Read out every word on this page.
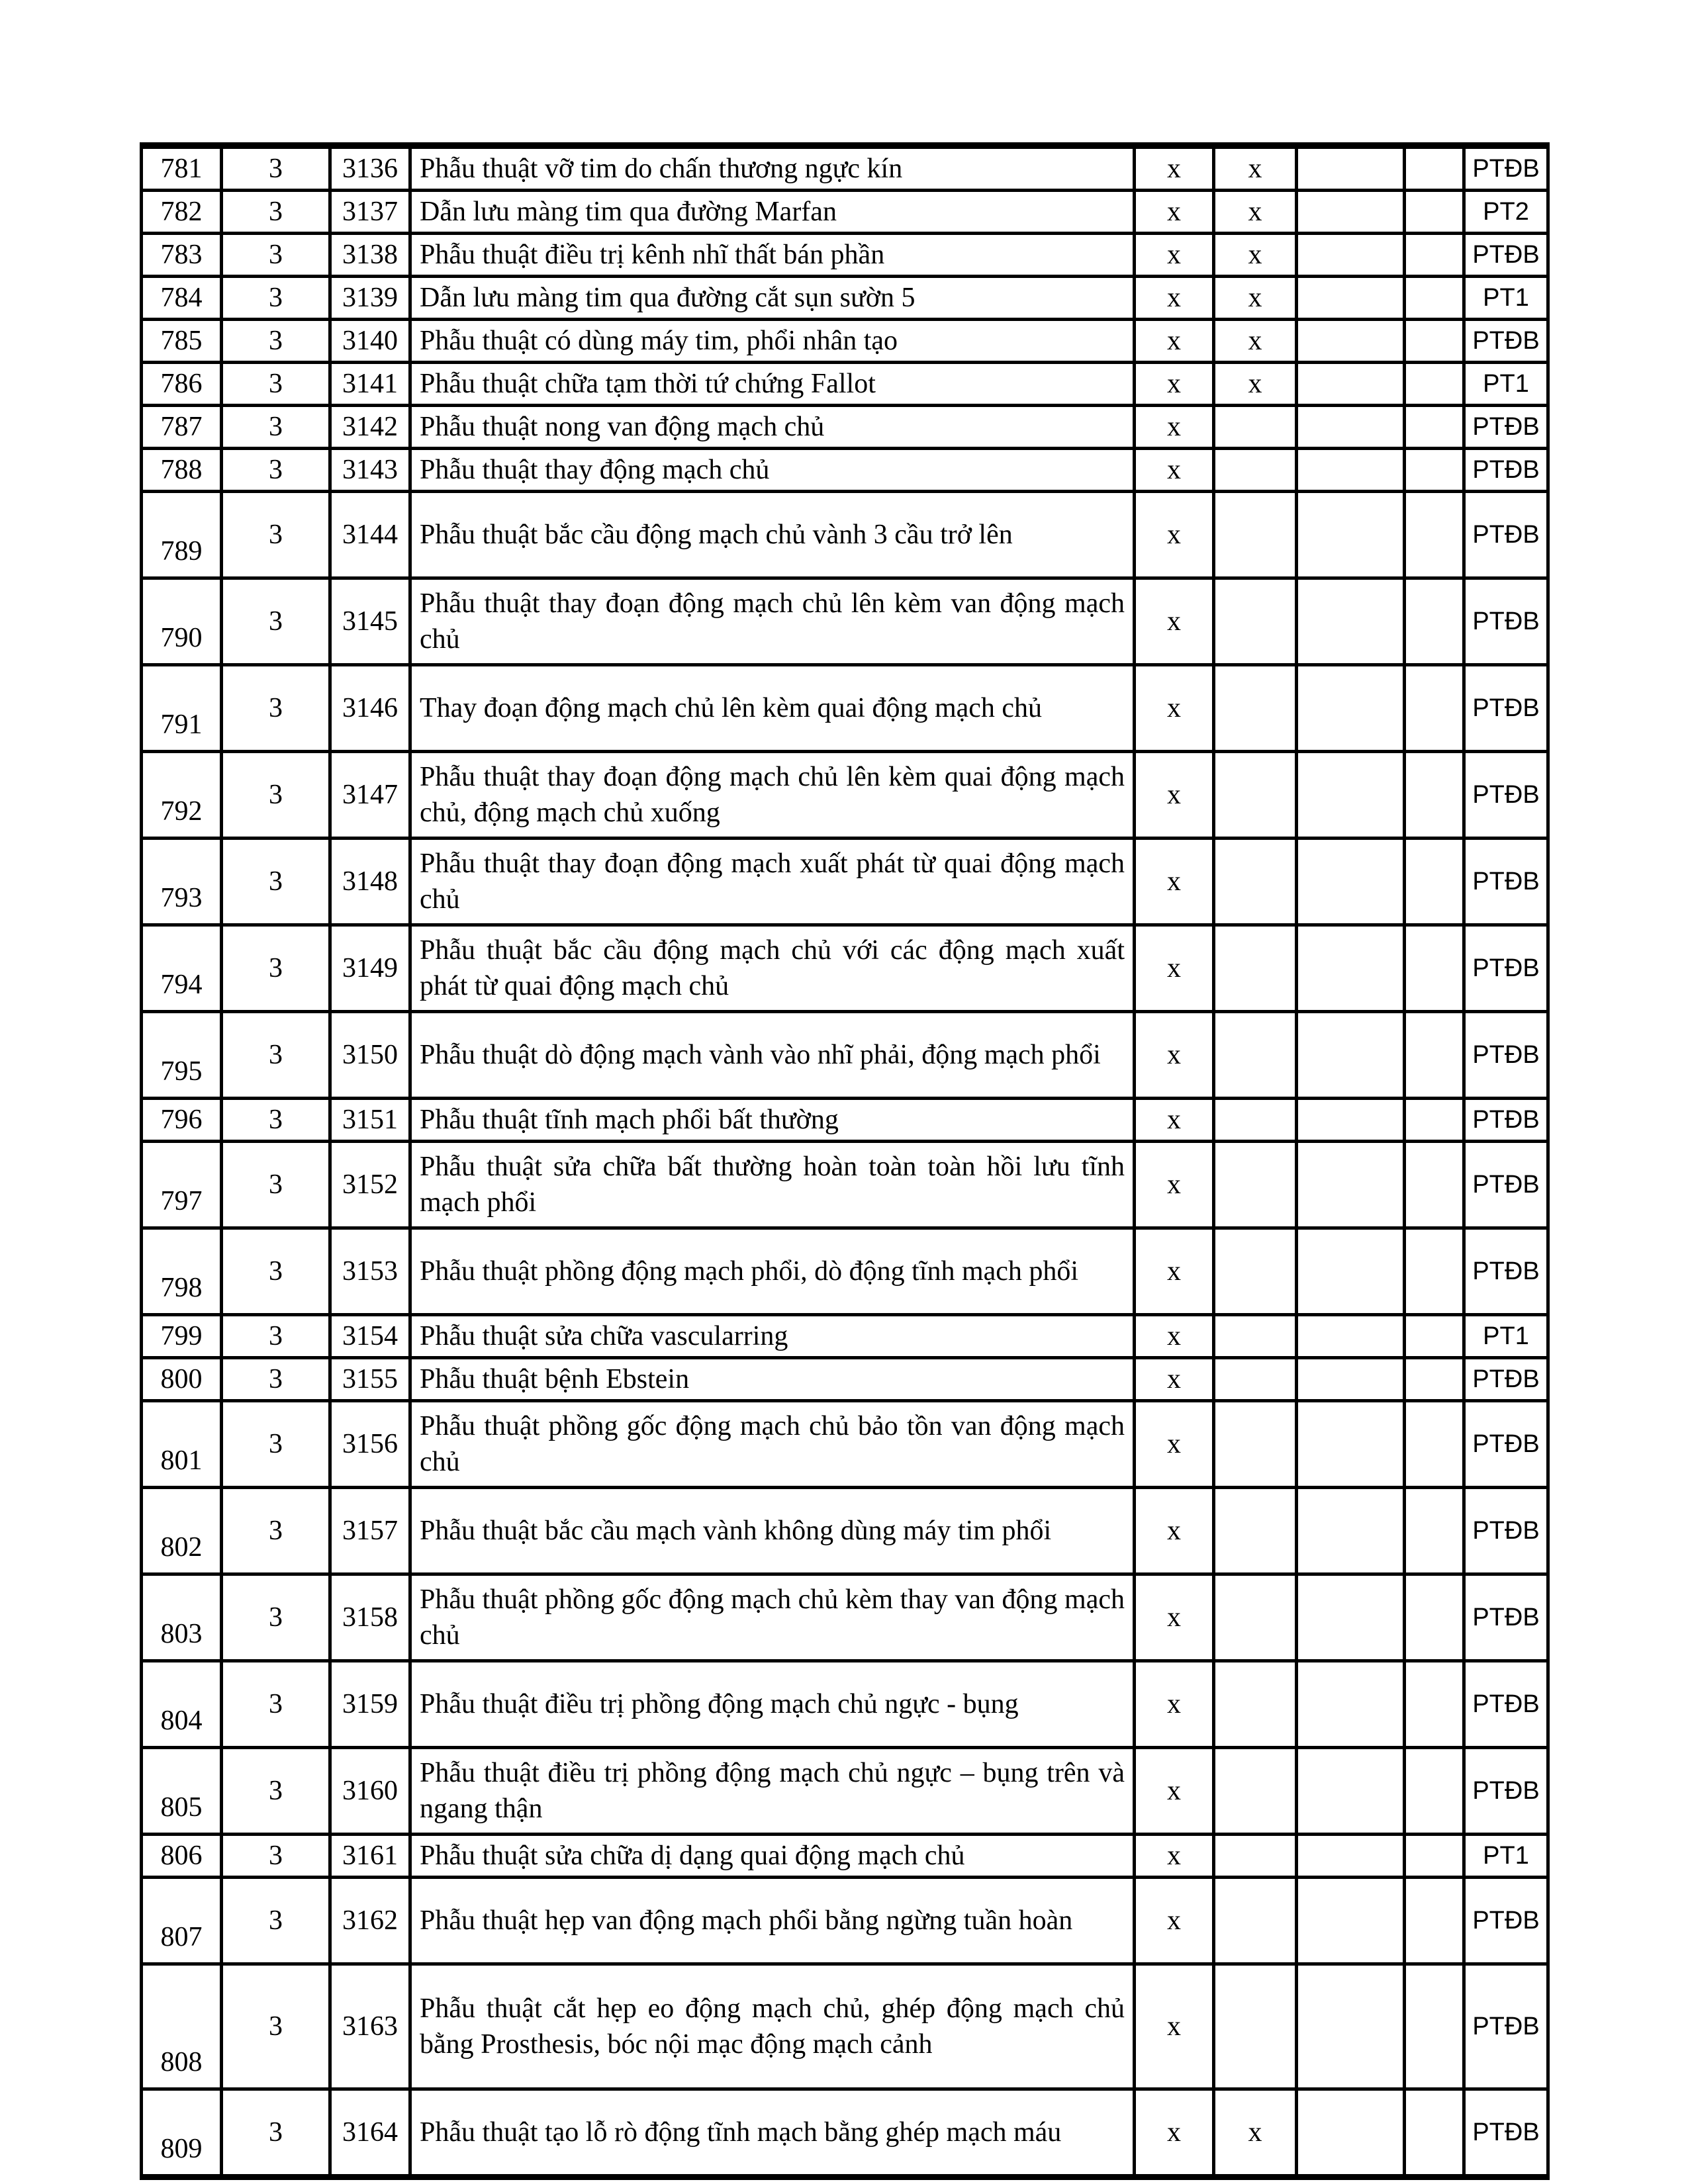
781	3	3136	Phẫu thuật vỡ tim do chấn thương ngực kín	x	x			PTĐB
782	3	3137	Dẫn lưu màng tim qua đường Marfan	x	x			PT2
783	3	3138	Phẫu thuật điều trị kênh nhĩ thất bán phần	x	x			PTĐB
784	3	3139	Dẫn lưu màng tim qua đường cắt sụn sườn 5	x	x			PT1
785	3	3140	Phẫu thuật có dùng máy tim, phổi nhân tạo	x	x			PTĐB
786	3	3141	Phẫu thuật chữa tạm thời tứ chứng Fallot	x	x			PT1
787	3	3142	Phẫu thuật nong van động mạch chủ	x				PTĐB
788	3	3143	Phẫu thuật thay động mạch chủ	x				PTĐB
789	3	3144	Phẫu thuật bắc cầu động mạch chủ vành 3 cầu trở lên	x				PTĐB
790	3	3145	Phẫu thuật thay đoạn động mạch chủ lên kèm van động mạch chủ	x				PTĐB
791	3	3146	Thay đoạn động mạch chủ lên kèm quai động mạch chủ	x				PTĐB
792	3	3147	Phẫu thuật thay đoạn động mạch chủ lên kèm quai động mạch chủ, động mạch chủ xuống	x				PTĐB
793	3	3148	Phẫu thuật thay đoạn động mạch xuất phát từ quai động mạch chủ	x				PTĐB
794	3	3149	Phẫu thuật bắc cầu động mạch chủ với các động mạch xuất phát từ quai động mạch chủ	x				PTĐB
795	3	3150	Phẫu thuật dò động mạch vành vào nhĩ phải, động mạch phổi	x				PTĐB
796	3	3151	Phẫu thuật tĩnh mạch phổi bất thường	x				PTĐB
797	3	3152	Phẫu thuật sửa chữa bất thường hoàn toàn toàn hồi lưu tĩnh mạch phổi	x				PTĐB
798	3	3153	Phẫu thuật phồng động mạch phổi, dò động tĩnh mạch phổi	x				PTĐB
799	3	3154	Phẫu thuật sửa chữa vascularring	x				PT1
800	3	3155	Phẫu thuật bệnh Ebstein	x				PTĐB
801	3	3156	Phẫu thuật phồng gốc động mạch chủ bảo tồn van động mạch chủ	x				PTĐB
802	3	3157	Phẫu thuật bắc cầu mạch vành không dùng máy tim phổi	x				PTĐB
803	3	3158	Phẫu thuật phồng gốc động mạch chủ kèm thay van động mạch chủ	x				PTĐB
804	3	3159	Phẫu thuật điều trị phồng động mạch chủ ngực - bụng	x				PTĐB
805	3	3160	Phẫu thuật điều trị phồng động mạch chủ ngực – bụng trên và ngang thận	x				PTĐB
806	3	3161	Phẫu thuật sửa chữa dị dạng quai động mạch chủ	x				PT1
807	3	3162	Phẫu thuật hẹp van động mạch phổi bằng ngừng tuần hoàn	x				PTĐB
808	3	3163	Phẫu thuật cắt hẹp eo động mạch chủ, ghép động mạch chủ bằng Prosthesis, bóc nội mạc động mạch cảnh	x				PTĐB
809	3	3164	Phẫu thuật tạo lỗ rò động tĩnh mạch bằng ghép mạch máu	x	x			PTĐB
